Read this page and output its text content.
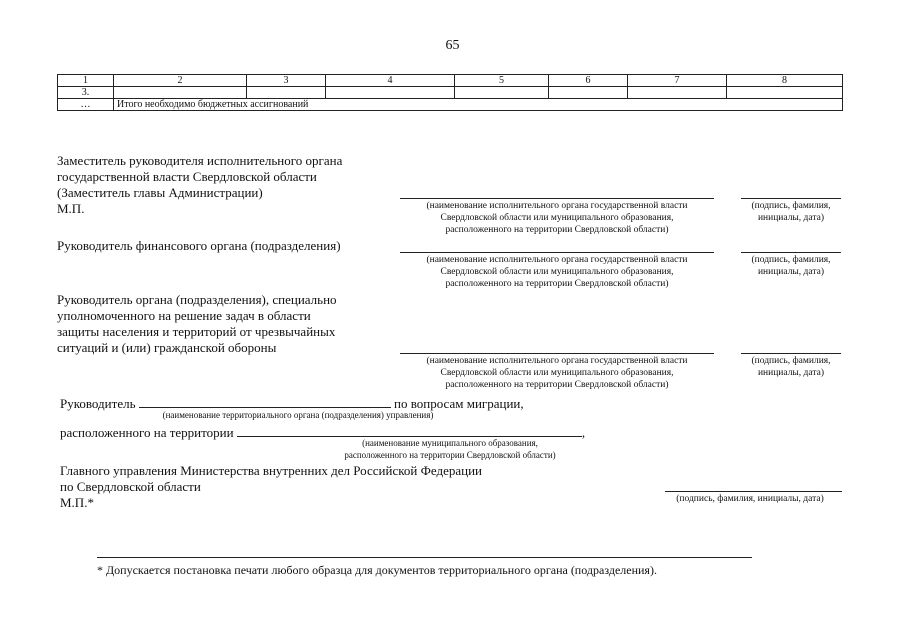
65
1	2	3	4	5	6	7	8
3.							
…	Итого необходимо бюджетных ассигнований						
Заместитель руководителя исполнительного органа
государственной власти Свердловской области
(Заместитель главы Администрации)
М.П.	(наименование исполнительного органа государственной власти
Свердловской области или муниципального образования,
расположенного на территории Свердловской области)
(подпись, фамилия,
инициалы, дата)
Руководитель финансового органа (подразделения)
(наименование исполнительного органа государственной власти
Свердловской области или муниципального образования,
расположенного на территории Свердловской области)
(подпись, фамилия,
инициалы, дата)
Руководитель органа (подразделения), специально
уполномоченного на решение задач в области
защиты населения и территорий от чрезвычайных
ситуаций и (или) гражданской обороны
(наименование исполнительного органа государственной власти
Свердловской области или муниципального образования,
расположенного на территории Свердловской области)
(подпись, фамилия,
инициалы, дата)
Руководитель	по вопросам миграции,
(наименование территориального органа (подразделения) управления)
расположенного на территории	,
(наименование муниципального образования,
расположенного на территории Свердловской области)
Главного управления Министерства внутренних дел Российской Федерации
по Свердловской области
М.П.*	(подпись, фамилия, инициалы, дата)
* Допускается постановка печати любого образца для документов территориального органа (подразделения).
